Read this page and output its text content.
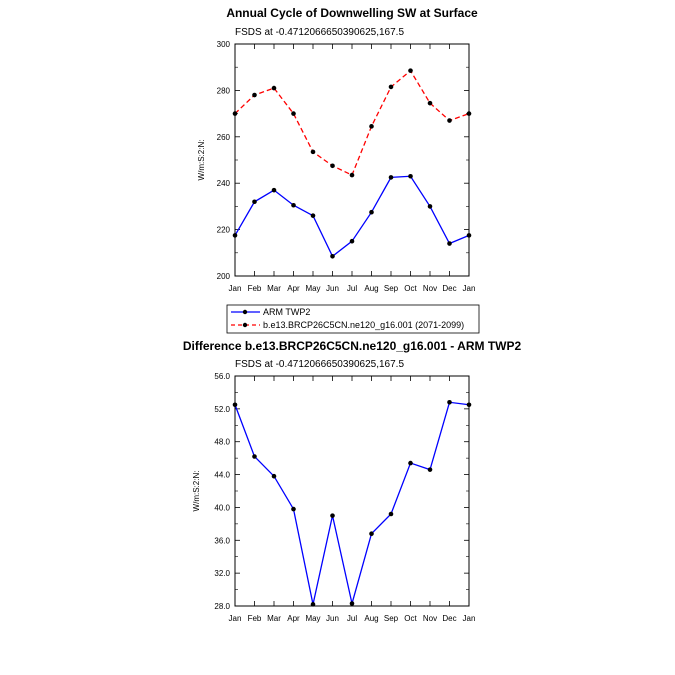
Annual Cycle of Downwelling SW at Surface
FSDS at -0.4712066650390625,167.5
W/m:S:2:N:
Jan Feb Mar Apr May Jun Jul Aug Sep Oct Nov Dec Jan
200
220
240
260
280
300
ARM TWP2
b.e13.BRCP26C5CN.ne120_g16.001 (2071-2099)
Difference b.e13.BRCP26C5CN.ne120_g16.001 - ARM TWP2
FSDS at -0.4712066650390625,167.5
W/m:S:2:N:
Jan Feb Mar Apr May Jun Jul Aug Sep Oct Nov Dec Jan
28.0
32.0
36.0
40.0
44.0
48.0
52.0
56.0
